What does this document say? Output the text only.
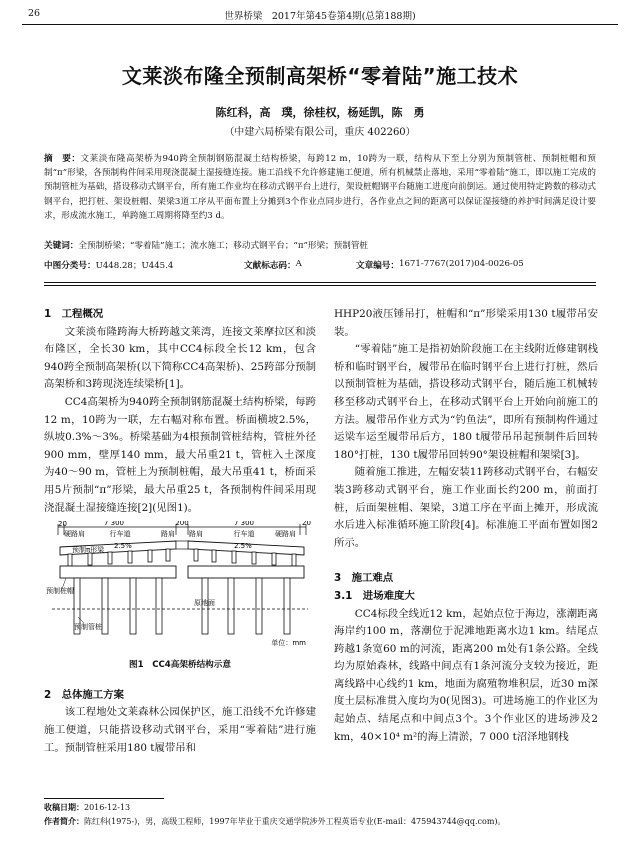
26	世界桥梁　2017年第45卷第4期(总第188期)
文莱淡布隆全预制高架桥“零着陆”施工技术
陈红科，高　璞，徐桂权，杨延凯，陈　勇
（中建六局桥梁有限公司，重庆 402260）
摘　要：文莱淡布隆高架桥为940跨全预制钢筋混凝土结构桥梁，每跨12 m，10跨为一联，结构从下至上分别为预制管桩、预制桩帽和预制“π”形梁，各预制构件间采用现浇混凝土湿接缝连接。施工沿线不允许修建施工便道，所有机械禁止落地，采用“零着陆”施工，即以施工完成的预制管桩为基础，搭设移动式钢平台，所有施工作业均在移动式钢平台上进行，架设桩帽钢平台随施工进度向前倒运。通过使用特定跨数的移动式钢平台，把打桩、架设桩帽、架梁3道工序从平面布置上分摊到3个作业点同步进行，各作业点之间的距离可以保证湿接缝的养护时间满足设计要求，形成流水施工，单跨施工周期将降至约3 d。
关键词：全预制桥梁；“零着陆”施工；流水施工；移动式钢平台；“π”形梁；预制管桩
中图分类号： U448.28；U445.4	文献标志码： A	文章编号： 1671-7767(2017)04-0026-05
1　工程概况

文莱淡布隆跨海大桥跨越文莱湾，连接文莱摩拉区和淡布隆区，全长30 km，其中CC4标段全长12 km，包含940跨全预制高架桥(以下简称CC4高架桥)、25跨部分预制高架桥和3跨现浇连续梁桥[1]。

CC4高架桥为940跨全预制钢筋混凝土结构桥梁，每跨12 m，10跨为一联，左右幅对称布置。桥面横坡2.5%，纵坡0.3%～3%。桥梁基础为4根预制管桩结构，管桩外径900 mm，壁厚140 mm，最大吊重21 t，管桩入土深度为40～90 m，管桩上为预制桩帽，最大吊重41 t，桥面采用5片预制“π”形梁，最大吊重25 t，各预制构件间采用现浇混凝土湿接缝连接[2](见图1)。

20	7 300	200	7 300	20
硬路肩	行车道	路肩 路肩	行车道	硬路肩
预制π形梁 2.5%	2.5%
预制桩帽
预制管桩
原地面
单位：mm
图1　CC4高架桥结构示意
2　总体施工方案

该工程地处文莱森林公园保护区，施工沿线不允许修建施工便道，只能搭设移动式钢平台，采用“零着陆”进行施工。预制管桩采用180 t履带吊和

HHP20液压锤吊打，桩帽和“π”形梁采用130 t履带吊安装。

“零着陆”施工是指初始阶段施工在主线附近修建钢栈桥和临时钢平台，履带吊在临时钢平台上进行打桩，然后以预制管桩为基础，搭设移动式钢平台，随后施工机械转移至移动式钢平台上，在移动式钢平台上开始向前施工的方法。履带吊作业方式为“钓鱼法”，即所有预制构件通过运梁车运至履带吊后方，180 t履带吊吊起预制件后回转180°打桩，130 t履带吊回转90°架设桩帽和架梁[3]。

随着施工推进，左幅安装11跨移动式钢平台，右幅安装3跨移动式钢平台，施工作业面长约200 m，前面打桩，后面架桩帽、架梁，3道工序在平面上摊开，形成流水后进入标准循环施工阶段[4]。标准施工平面布置如图2所示。

3　施工难点
3.1　进场难度大

CC4标段全线近12 km，起始点位于海边，涨潮距离海岸约100 m，落潮位于泥滩地距离水边1 km。结尾点跨越1条宽60 m的河流，距离200 m处有1条公路。全线均为原始森林，线路中间点有1条河流分支较为接近，距离线路中心线约1 km，地面为腐殖物堆积层，近30 m深度土层标准贯入度均为0(见图3)。可进场施工的作业区为起始点、结尾点和中间点3个。3个作业区的进场涉及2 km，40×10⁴ m²的海上清淤，7 000 t沼泽地钢栈

收稿日期：2016-12-13
作者简介：陈红科(1975-)，男，高级工程师，1997年毕业于重庆交通学院涉外工程英语专业(E-mail：475943744@qq.com)。
